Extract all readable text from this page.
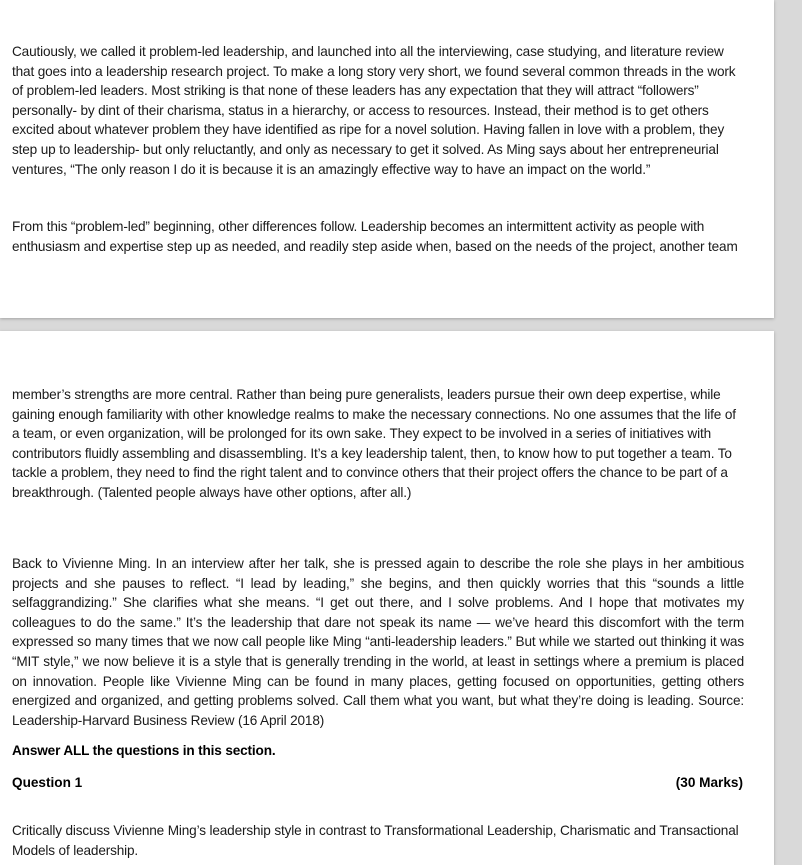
Cautiously, we called it problem-led leadership, and launched into all the interviewing, case studying, and literature review that goes into a leadership research project. To make a long story very short, we found several common threads in the work of problem-led leaders. Most striking is that none of these leaders has any expectation that they will attract “followers” personally- by dint of their charisma, status in a hierarchy, or access to resources. Instead, their method is to get others excited about whatever problem they have identified as ripe for a novel solution. Having fallen in love with a problem, they step up to leadership- but only reluctantly, and only as necessary to get it solved. As Ming says about her entrepreneurial ventures, “The only reason I do it is because it is an amazingly effective way to have an impact on the world.”

From this “problem-led” beginning, other differences follow. Leadership becomes an intermittent activity as people with enthusiasm and expertise step up as needed, and readily step aside when, based on the needs of the project, another team

member’s strengths are more central. Rather than being pure generalists, leaders pursue their own deep expertise, while gaining enough familiarity with other knowledge realms to make the necessary connections. No one assumes that the life of a team, or even organization, will be prolonged for its own sake. They expect to be involved in a series of initiatives with contributors fluidly assembling and disassembling. It’s a key leadership talent, then, to know how to put together a team. To tackle a problem, they need to find the right talent and to convince others that their project offers the chance to be part of a breakthrough. (Talented people always have other options, after all.)

Back to Vivienne Ming. In an interview after her talk, she is pressed again to describe the role she plays in her ambitious projects and she pauses to reflect. “I lead by leading,” she begins, and then quickly worries that this “sounds a little selfaggrandizing.” She clarifies what she means. “I get out there, and I solve problems. And I hope that motivates my colleagues to do the same.” It’s the leadership that dare not speak its name — we’ve heard this discomfort with the term expressed so many times that we now call people like Ming “anti-leadership leaders.” But while we started out thinking it was “MIT style,” we now believe it is a style that is generally trending in the world, at least in settings where a premium is placed on innovation. People like Vivienne Ming can be found in many places, getting focused on opportunities, getting others energized and organized, and getting problems solved. Call them what you want, but what they’re doing is leading. Source: Leadership-Harvard Business Review (16 April 2018)

Answer ALL the questions in this section.

Question 1	(30 Marks)

Critically discuss Vivienne Ming’s leadership style in contrast to Transformational Leadership, Charismatic and Transactional Models of leadership.
